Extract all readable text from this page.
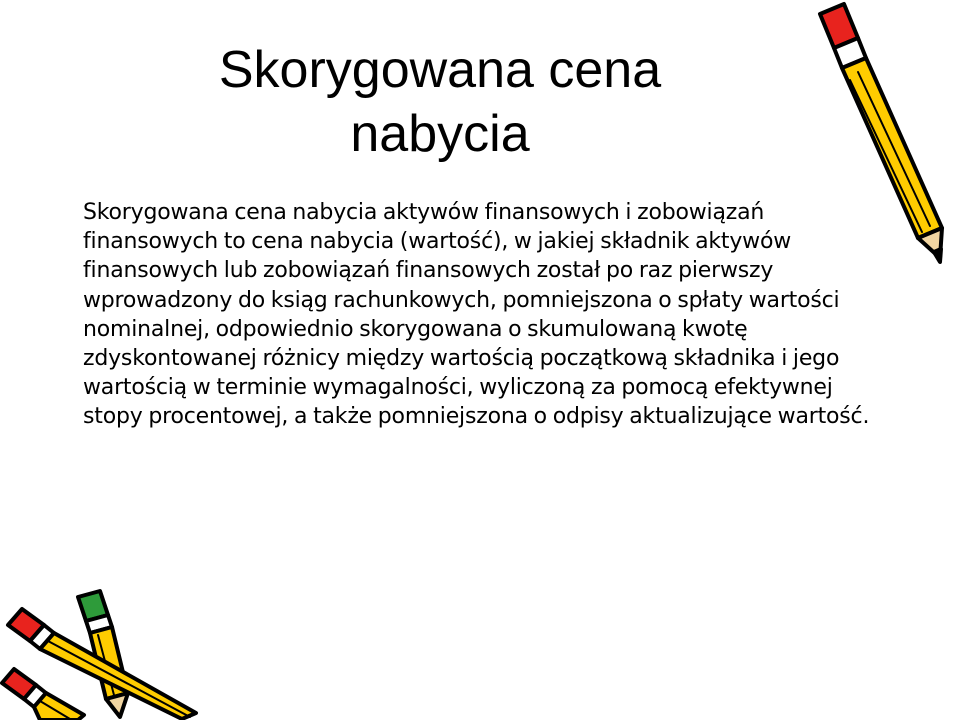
Skorygowana cena
nabycia

Skorygowana cena nabycia aktywów finansowych i zobowiązań finansowych to cena nabycia (wartość), w jakiej składnik aktywów finansowych lub zobowiązań finansowych został po raz pierwszy wprowadzony do ksiąg rachunkowych, pomniejszona o spłaty wartości nominalnej, odpowiednio skorygowana o skumulowaną kwotę zdyskontowanej różnicy między wartością początkową składnika i jego wartością w terminie wymagalności, wyliczoną za pomocą efektywnej stopy procentowej, a także pomniejszona o odpisy aktualizujące wartość.
